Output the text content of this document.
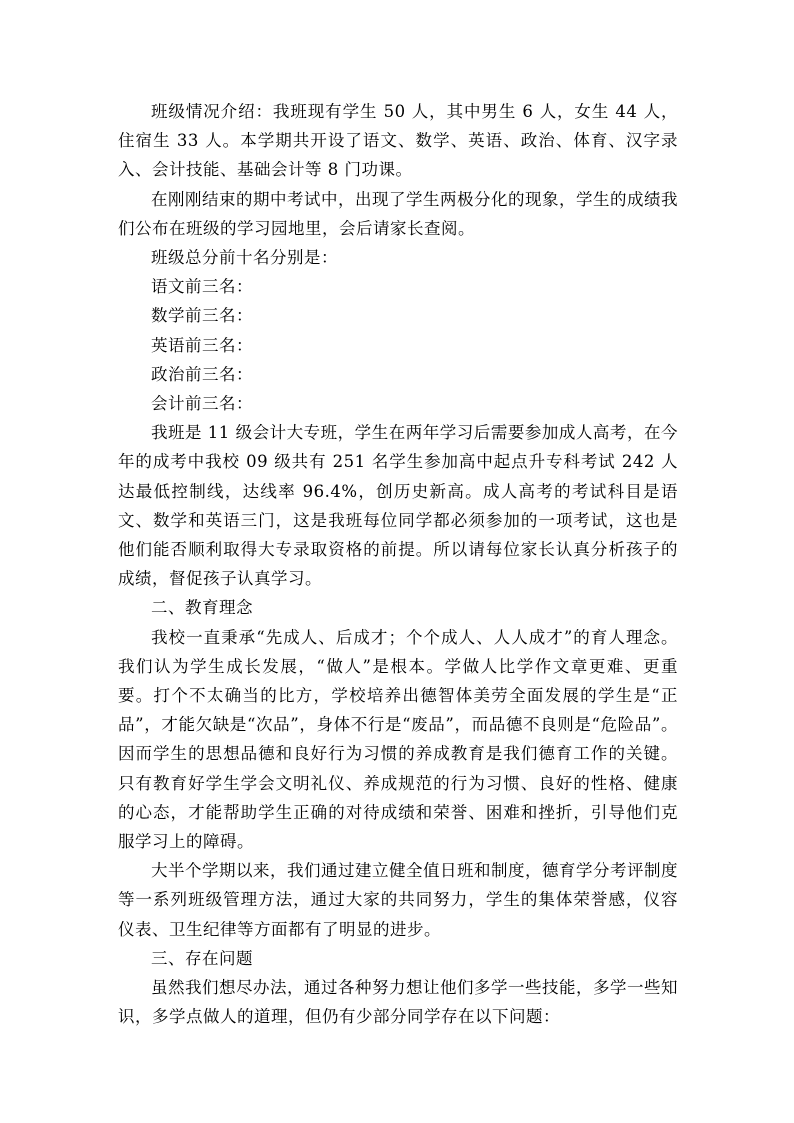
班级情况介绍：我班现有学生 50 人，其中男生 6 人，女生 44 人，住宿生 33 人。本学期共开设了语文、数学、英语、政治、体育、汉字录入、会计技能、基础会计等 8 门功课。

在刚刚结束的期中考试中，出现了学生两极分化的现象，学生的成绩我们公布在班级的学习园地里，会后请家长查阅。

班级总分前十名分别是：

语文前三名：

数学前三名：

英语前三名：

政治前三名：

会计前三名：

我班是 11 级会计大专班，学生在两年学习后需要参加成人高考，在今年的成考中我校 09 级共有 251 名学生参加高中起点升专科考试 242 人达最低控制线，达线率 96.4%，创历史新高。成人高考的考试科目是语文、数学和英语三门，这是我班每位同学都必须参加的一项考试，这也是他们能否顺利取得大专录取资格的前提。所以请每位家长认真分析孩子的成绩，督促孩子认真学习。

二、教育理念

我校一直秉承“先成人、后成才；个个成人、人人成才”的育人理念。我们认为学生成长发展，“做人”是根本。学做人比学作文章更难、更重要。打个不太确当的比方，学校培养出德智体美劳全面发展的学生是“正品”，才能欠缺是“次品”，身体不行是“废品”，而品德不良则是“危险品”。因而学生的思想品德和良好行为习惯的养成教育是我们德育工作的关键。只有教育好学生学会文明礼仪、养成规范的行为习惯、良好的性格、健康的心态，才能帮助学生正确的对待成绩和荣誉、困难和挫折，引导他们克服学习上的障碍。

大半个学期以来，我们通过建立健全值日班和制度，德育学分考评制度等一系列班级管理方法，通过大家的共同努力，学生的集体荣誉感，仪容仪表、卫生纪律等方面都有了明显的进步。

三、存在问题

虽然我们想尽办法，通过各种努力想让他们多学一些技能，多学一些知识，多学点做人的道理，但仍有少部分同学存在以下问题：
